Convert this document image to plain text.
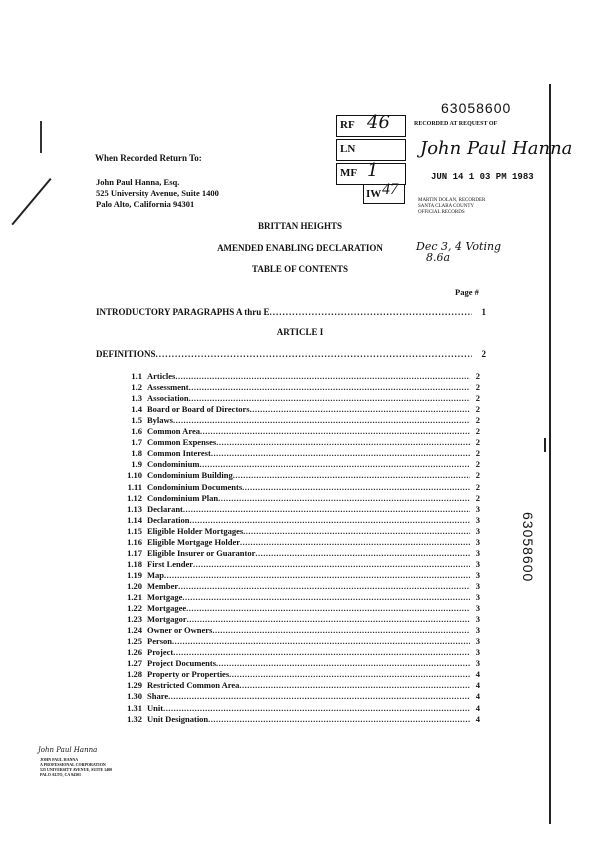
63058600
RF 46
LN
MF 1
IW 47
RECORDED AT REQUEST OF
John Paul Hanna
JUN 14 1 03 PM 1983
MARTIN DOLAN, RECORDER
SANTA CLARA COUNTY
OFFICIAL RECORDS
When Recorded Return To:
John Paul Hanna, Esq.
525 University Avenue, Suite 1400
Palo Alto, California 94301
BRITTAN HEIGHTS
AMENDED ENABLING DECLARATION
TABLE OF CONTENTS
Dec 3, 4 Voting
8.6a
Page #
INTRODUCTORY PARAGRAPHS A thru E .....	1
ARTICLE I
DEFINITIONS .....	2
1.1 Articles .....	2
1.2 Assessment .....	2
1.3 Association .....	2
1.4 Board or Board of Directors .....	2
1.5 Bylaws .....	2
1.6 Common Area .....	2
1.7 Common Expenses .....	2
1.8 Common Interest .....	2
1.9 Condominium .....	2
1.10 Condominium Building .....	2
1.11 Condominium Documents .....	2
1.12 Condominium Plan .....	2
1.13 Declarant .....	3
1.14 Declaration .....	3
1.15 Eligible Holder Mortgages .....	3
1.16 Eligible Mortgage Holder .....	3
1.17 Eligible Insurer or Guarantor .....	3
1.18 First Lender .....	3
1.19 Map .....	3
1.20 Member .....	3
1.21 Mortgage .....	3
1.22 Mortgagee .....	3
1.23 Mortgagor .....	3
1.24 Owner or Owners .....	3
1.25 Person .....	3
1.26 Project .....	3
1.27 Project Documents .....	3
1.28 Property or Properties .....	4
1.29 Restricted Common Area .....	4
1.30 Share .....	4
1.31 Unit .....	4
1.32 Unit Designation .....	4
63058600
John Paul Hanna
JOHN PAUL HANNA
A PROFESSIONAL CORPORATION
525 UNIVERSITY AVENUE, SUITE 1400
PALO ALTO, CA 94301
